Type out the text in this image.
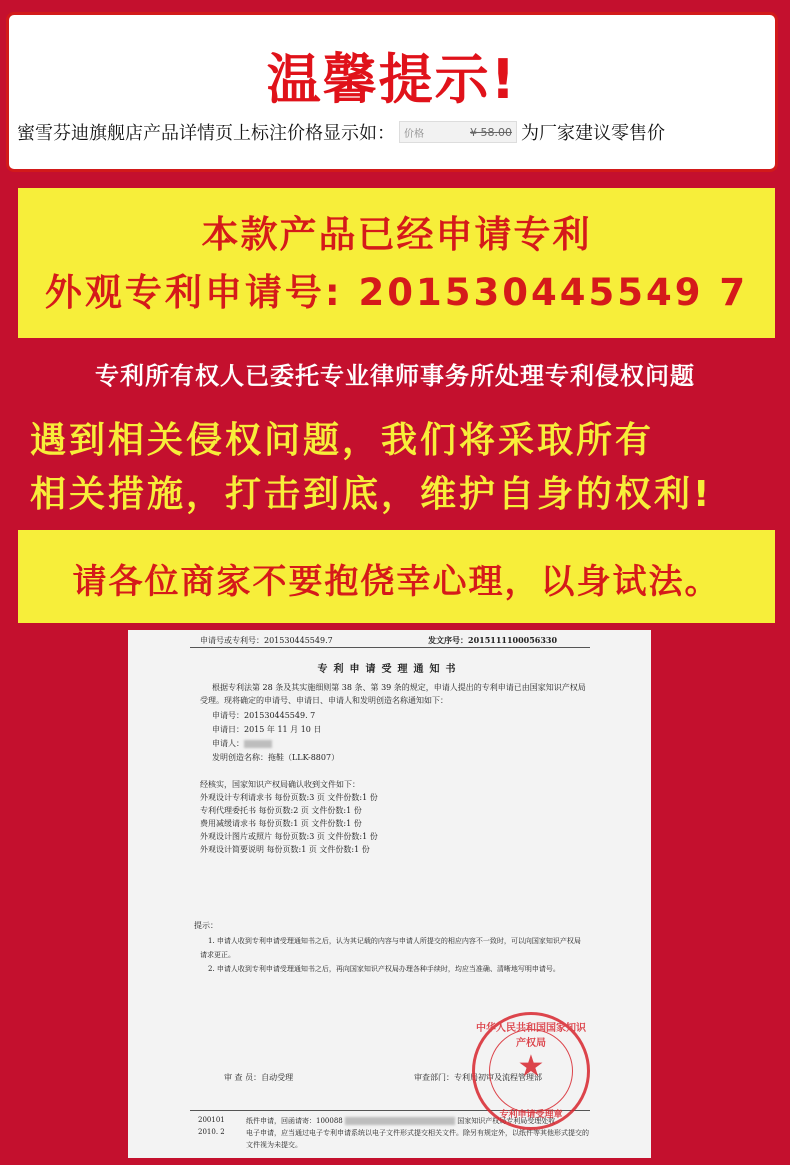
温馨提示!
蜜雪芬迪旗舰店产品详情页上标注价格显示如： 价格	¥ 58.00 为厂家建议零售价
本款产品已经申请专利
外观专利申请号: 201530445549 7
专利所有权人已委托专业律师事务所处理专利侵权问题
遇到相关侵权问题，我们将采取所有
相关措施，打击到底，维护自身的权利!
请各位商家不要抱侥幸心理，以身试法。
申请号或专利号：201530445549.7	发文序号：2015111100056330
专利申请受理通知书
根据专利法第 28 条及其实施细则第 38 条、第 39 条的规定，申请人提出的专利申请已由国家知识产权局
受理。现将确定的申请号、申请日、申请人和发明创造名称通知如下：
申请号：201530445549. 7
申请日：2015 年 11 月 10 日
申请人：
发明创造名称：拖鞋（LLK-8807）
经核实，国家知识产权局确认收到文件如下：
外观设计专利请求书 每份页数:3 页 文件份数:1 份
专利代理委托书 每份页数:2 页 文件份数:1 份
费用减缓请求书 每份页数:1 页 文件份数:1 份
外观设计图片或照片 每份页数:3 页 文件份数:1 份
外观设计简要说明 每份页数:1 页 文件份数:1 份
提示：
1. 申请人收到专利申请受理通知书之后，认为其记载的内容与申请人所提交的相应内容不一致时，可以向国家知识产权局
请求更正。
2. 申请人收到专利申请受理通知书之后，再向国家知识产权局办理各种手续时，均应当准确、清晰地写明申请号。
审 查 员：自动受理	审查部门：专利局初审及流程管理部
200101
2010. 2
纸件申请，回函请寄：100088	国家知识产权局专利局受理处收
电子申请，应当通过电子专利申请系统以电子文件形式提交相关文件。除另有规定外，以纸件等其他形式提交的
文件视为未提交。
中华人民共和国国家知识产权局
★
专利申请受理章
